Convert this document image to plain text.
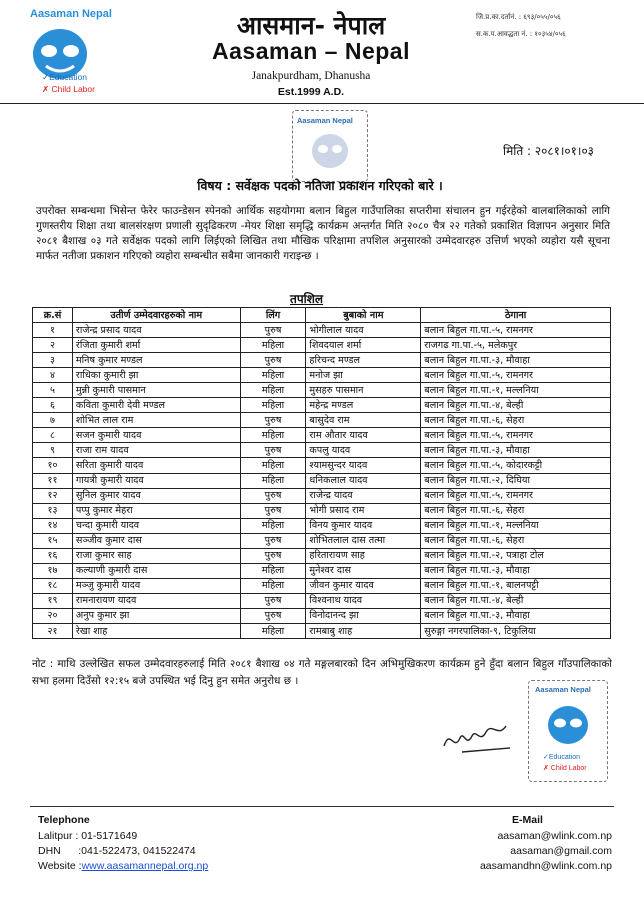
Aasaman Nepal
✓Education
✗ Child Labor
आसमान- नेपाल
Aasaman – Nepal
Janakpurdham, Dhanusha
Est.1999 A.D.
जि.प्र.का.दर्तानं. : ६९३/०५५/०५६
स.क.प.आवद्धता नं. : १०३५४/०५६
Aasaman Nepal
मिति : २०८१।०१।०३
विषय : सर्वेक्षक पदको नतिजा प्रकाशन गरिएको बारे ।
उपरोक्त सम्बन्धमा भिसेन्त फेरेर फाउन्डेसन स्पेनको आर्थिक सहयोगमा बलान बिहुल गाउँपालिका सप्तरीमा संचालन हुन गईरहेको बालबालिकाको लागि गुणस्तरीय शिक्षा तथा बालसंरक्षण प्रणाली सुदृढिकरण -मेयर शिक्षा समृद्धि कार्यक्रम अन्तर्गत मिति २०८० चैत्र २२ गतेको प्रकाशित विज्ञापन अनुसार मिति २०८१ बैशाख ०३ गते सर्वेक्षक पदको लागि लिईएको लिखित तथा मौखिक परिक्षामा तपशिल अनुसारको उम्मेदवारहरु उत्तिर्ण भएको व्यहोरा यसै सूचना मार्फत नतीजा प्रकाशन गरिएको व्यहोरा सम्बन्धीत सबैमा जानकारी गराइन्छ ।
तपशिल
क्र.सं	उतीर्ण उम्मेदवारहरुको नाम	लिंग	बुबाको नाम	ठेगाना
१	राजेन्द्र प्रसाद यादव	पुरुष	भोगीलाल यादव	बलान बिहुल गा.पा.-५, रामनगर
२	रंजिता कुमारी शर्मा	महिला	शिवदयाल शर्मा	राजगढ गा.पा.-५, मलेकपुर
३	मनिष कुमार मण्डल	पुरुष	हरिचन्द मण्डल	बलान बिहुल गा.पा.-३, मौवाहा
४	राधिका कुमारी झा	महिला	मनोज झा	बलान बिहुल गा.पा.-५, रामनगर
५	मुन्नी कुमारी पासमान	महिला	मुसहरु पासमान	बलान बिहुल गा.पा.-१, मल्लनिया
६	कविता कुमारी देवी मण्डल	महिला	महेन्द्र मण्डल	बलान बिहुल गा.पा.-४, बेल्ही
७	शोभित लाल राम	पुरुष	बासुदेव राम	बलान बिहुल गा.पा.-६, सेहरा
८	सजन कुमारी यादव	महिला	राम औतार यादव	बलान बिहुल गा.पा.-५, रामनगर
९	राजा राम यादव	पुरुष	कपलु यादव	बलान बिहुल गा.पा.-३, मौवाहा
१०	सरिता कुमारी यादव	महिला	श्यामसुन्दर यादव	बलान बिहुल गा.पा.-५, कोदारकट्टी
११	गायत्री कुमारी यादव	महिला	धनिकलाल यादव	बलान बिहुल गा.पा.-२, दिघिया
१२	सुनिल कुमार यादव	पुरुष	राजेन्द्र यादव	बलान बिहुल गा.पा.-५, रामनगर
१३	पप्पु कुमार मेहरा	पुरुष	भोगी प्रसाद राम	बलान बिहुल गा.पा.-६, सेहरा
१४	चन्दा कुमारी यादव	महिला	विनय कुमार यादव	बलान बिहुल गा.पा.-१, मल्लनिया
१५	सञ्जीव कुमार दास	पुरुष	शोभितलाल दास तत्मा	बलान बिहुल गा.पा.-६, सेहरा
१६	राजा कुमार साह	पुरुष	हरितारायण साह	बलान बिहुल गा.पा.-२, पत्राहा टोल
१७	कल्याणी कुमारी दास	महिला	मुनेश्वर दास	बलान बिहुल गा.पा.-३, मौवाहा
१८	मञ्जु कुमारी यादव	महिला	जीवन कुमार यादव	बलान बिहुल गा.पा.-१, बालनपट्टी
१९	रामनारायण यादव	पुरुष	विश्वनाथ यादव	बलान बिहुल गा.पा.-४, बेल्ही
२०	अनुप कुमार झा	पुरुष	विनोदानन्द झा	बलान बिहुल गा.पा.-३, मौवाहा
२१	रेखा शाह	महिला	रामबाबु शाह	सुरुङ्गा नगरपालिका-९, टिकुलिया
नोट : माथि उल्लेखित सफल उम्मेदवारहरुलाई मिति २०८१ बैशाख ०४ गते मङ्गलबारको दिन अभिमुखिकरण कार्यक्रम हुने हुँदा बलान बिहुल गाँउपालिकाको सभा हलमा दिउँसो १२:१५ बजे उपस्थित भई दिनु हुन समेत अनुरोध छ ।
Aasaman Nepal
✓Education
✗ Child Labor
Telephone
Lalitpur : 01-5171649
DHN      :041-522473, 041522474
Website :www.aasamannepal.org.np
E-Mail
aasaman@wlink.com.np
aasaman@gmail.com
aasamandhn@wlink.com.np
